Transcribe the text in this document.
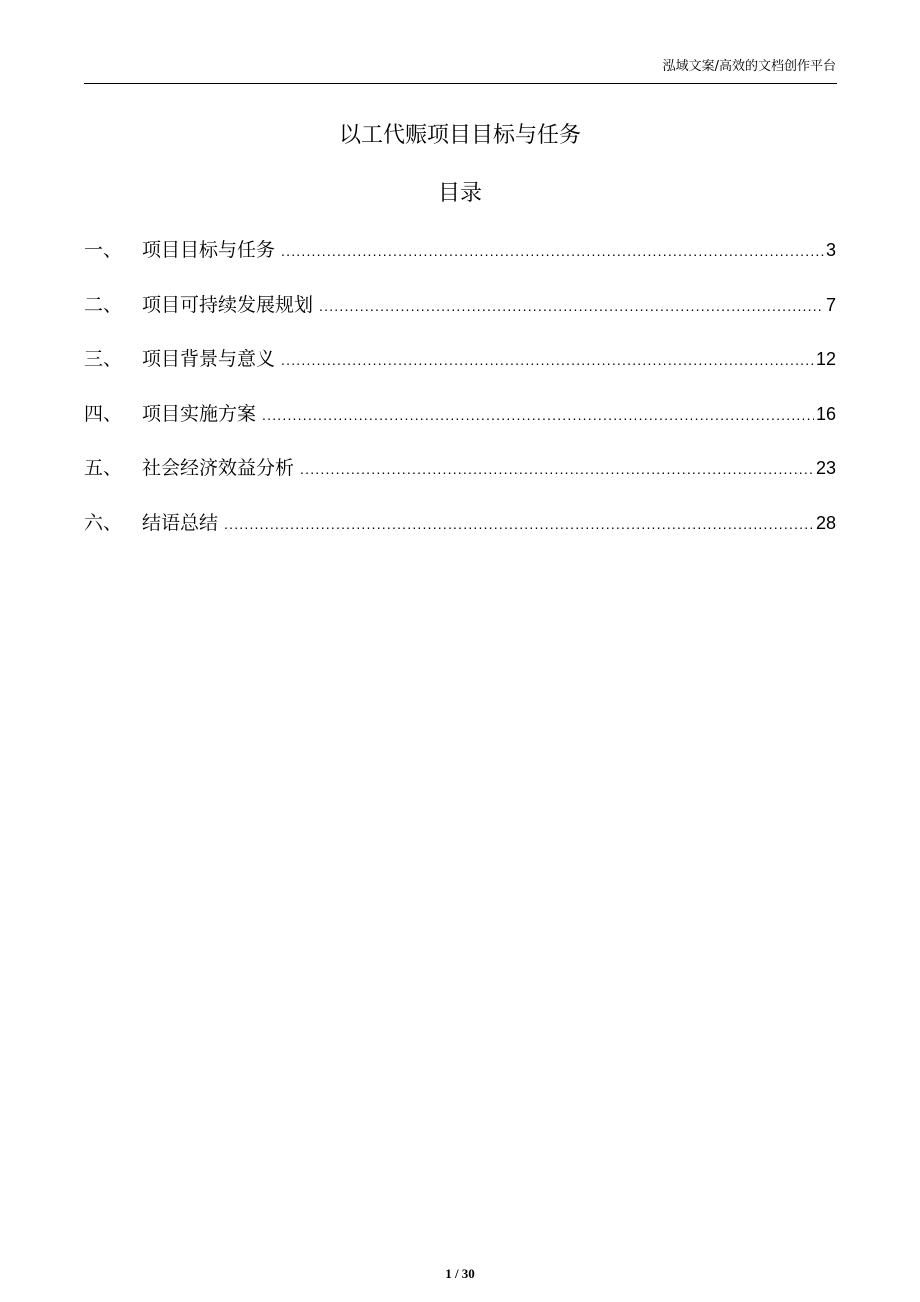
泓域文案/高效的文档创作平台
以工代赈项目目标与任务
目录
一、	项目目标与任务 .....	3
二、	项目可持续发展规划 .....	7
三、	项目背景与意义 .....	12
四、	项目实施方案 .....	16
五、	社会经济效益分析 .....	23
六、	结语总结 .....	28
1 / 30
